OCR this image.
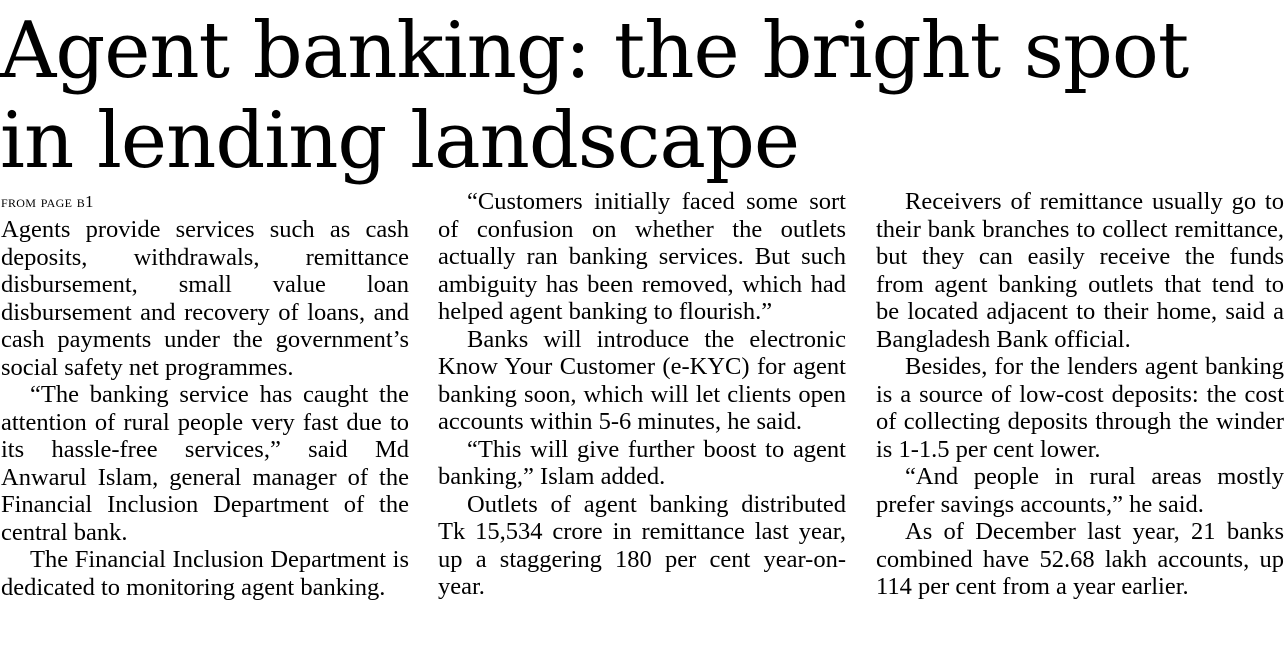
Agent banking: the bright spot
in lending landscape
from page b1

Agents provide services such as cash deposits, withdrawals, remittance disbursement, small value loan disbursement and recovery of loans, and cash payments under the government’s social safety net programmes.

“The banking service has caught the attention of rural people very fast due to its hassle-free services,” said Md Anwarul Islam, general manager of the Financial Inclusion Department of the central bank.

The Financial Inclusion Department is dedicated to monitoring agent banking.

“Customers initially faced some sort of confusion on whether the outlets actually ran banking services. But such ambiguity has been removed, which had helped agent banking to flourish.”

Banks will introduce the electronic Know Your Customer (e-KYC) for agent banking soon, which will let clients open accounts within 5-6 minutes, he said.

“This will give further boost to agent banking,” Islam added.

Outlets of agent banking distributed Tk 15,534 crore in remittance last year, up a staggering 180 per cent year-on-year.

Receivers of remittance usually go to their bank branches to collect remittance, but they can easily receive the funds from agent banking outlets that tend to be located adjacent to their home, said a Bangladesh Bank official.

Besides, for the lenders agent banking is a source of low-cost deposits: the cost of collecting deposits through the winder is 1-1.5 per cent lower.

“And people in rural areas mostly prefer savings accounts,” he said.

As of December last year, 21 banks combined have 52.68 lakh accounts, up 114 per cent from a year earlier.
